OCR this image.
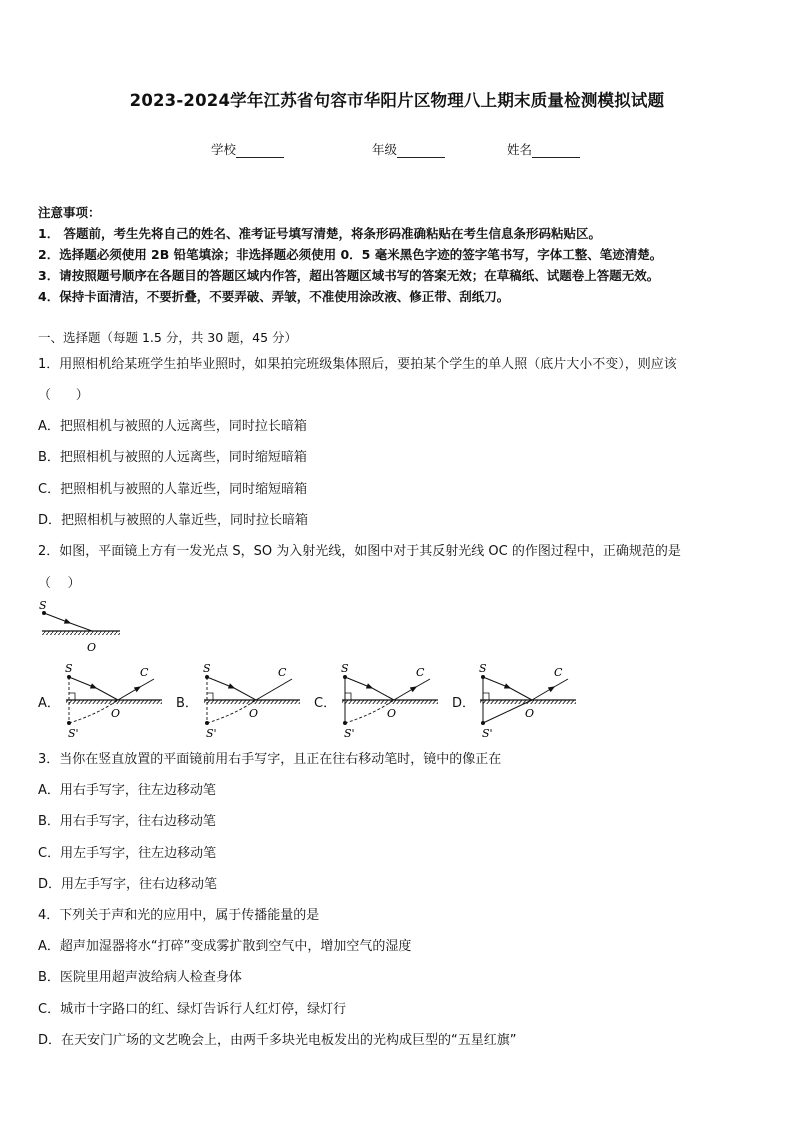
2023-2024学年江苏省句容市华阳片区物理八上期末质量检测模拟试题
学校	年级	姓名
注意事项：
1． 答题前，考生先将自己的姓名、准考证号填写清楚，将条形码准确粘贴在考生信息条形码粘贴区。
2．选择题必须使用 2B 铅笔填涂；非选择题必须使用 0．5 毫米黑色字迹的签字笔书写，字体工整、笔迹清楚。
3．请按照题号顺序在各题目的答题区域内作答，超出答题区域书写的答案无效；在草稿纸、试题卷上答题无效。
4．保持卡面清洁，不要折叠，不要弄破、弄皱，不准使用涂改液、修正带、刮纸刀。
一、选择题（每题 1.5 分，共 30 题，45 分）
1．用照相机给某班学生拍毕业照时，如果拍完班级集体照后，要拍某个学生的单人照（底片大小不变），则应该
（      ）
A．把照相机与被照的人远离些，同时拉长暗箱
B．把照相机与被照的人远离些，同时缩短暗箱
C．把照相机与被照的人靠近些，同时缩短暗箱
D．把照相机与被照的人靠近些，同时拉长暗箱
2．如图，平面镜上方有一发光点 S，SO 为入射光线，如图中对于其反射光线 OC 的作图过程中，正确规范的是
（    ）
S
O
A．
S	C
O
S'
B．
S	C
O
S'
C．
S	C
O
S'
D．
S	C
O
S'
3．当你在竖直放置的平面镜前用右手写字，且正在往右移动笔时，镜中的像正在
A．用右手写字，往左边移动笔
B．用右手写字，往右边移动笔
C．用左手写字，往左边移动笔
D．用左手写字，往右边移动笔
4．下列关于声和光的应用中，属于传播能量的是
A．超声加湿器将水“打碎”变成雾扩散到空气中，增加空气的湿度
B．医院里用超声波给病人检查身体
C．城市十字路口的红、绿灯告诉行人红灯停，绿灯行
D．在天安门广场的文艺晚会上，由两千多块光电板发出的光构成巨型的“五星红旗”
